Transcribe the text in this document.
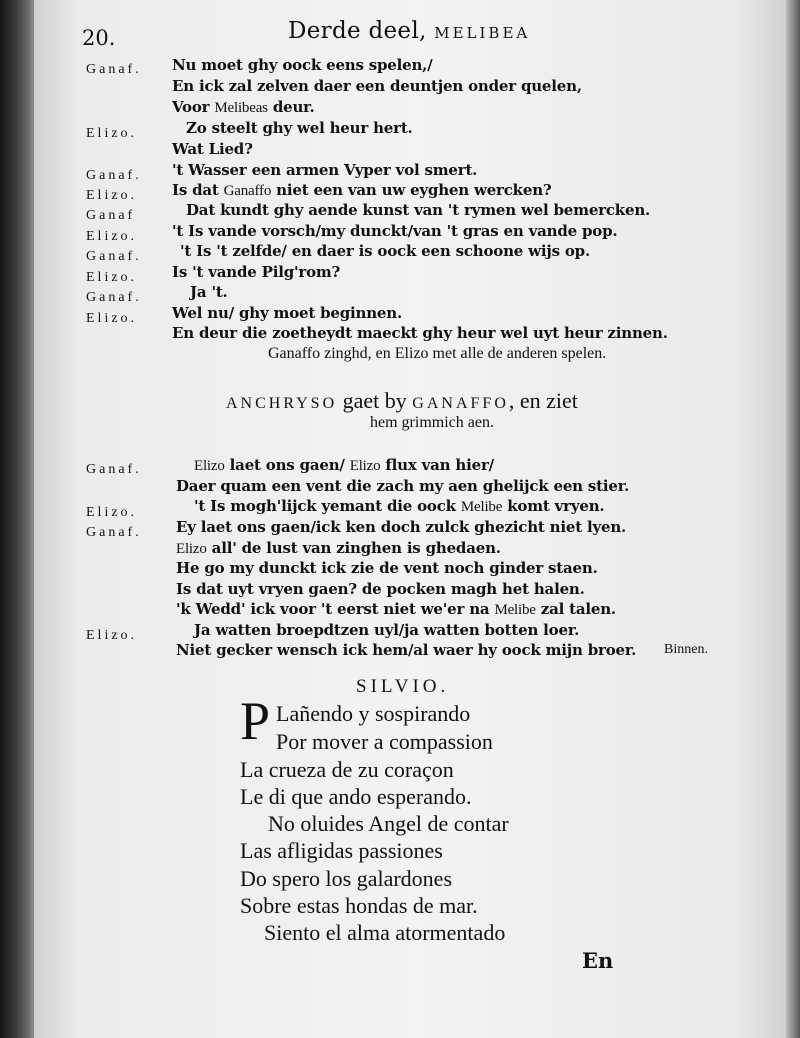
20.	Derde deel, MELIBEA
Ganaf. Nu moet ghy oock eens spelen,/
En ick zal zelven daer een deuntjen onder quelen,
Voor Melibeas deur.
Elizo.	Zo steelt ghy wel heur hert.
Wat Lied?
Ganaf. 't Wasser een armen Vyper vol smert.
Elizo. Is dat Ganaffo niet een van uw eyghen wercken?
Ganaf	Dat kundt ghy aende kunst van 't rymen wel bemercken.
Elizo. 't Is vande vorsch/my dunckt/van 't gras en vande pop.
Ganaf.	't Is 't zelfde/ en daer is oock een schoone wijs op.
Elizo. Is 't vande Pilg'rom?
Ganaf.	Ja 't.
Elizo. Wel nu/ ghy moet beginnen.
En deur die zoetheydt maeckt ghy heur wel uyt heur zinnen.
Ganaffo zinghd, en Elizo met alle de anderen spelen.
ANCHRYSO gaet by GANAFFO, en ziet
hem grimmich aen.
Ganaf.	Elizo laet ons gaen/ Elizo flux van hier/
Daer quam een vent die zach my aen ghelijck een stier.
Elizo.	't Is mogh'lijck yemant die oock Melibe komt vryen.
Ganaf. Ey laet ons gaen/ick ken doch zulck ghezicht niet lyen.
Elizo all' de lust van zinghen is ghedaen.
He go my dunckt ick zie de vent noch ginder staen.
Is dat uyt vryen gaen? de pocken magh het halen.
'k Wedd' ick voor 't eerst niet we'er na Melibe zal talen.
Elizo.	Ja watten broepdtzen uyl/ja watten botten loer.
Niet gecker wensch ick hem/al waer hy oock mijn broer. Binnen.
SILVIO.
P Lañendo y sospirando
Por mover a compassion
La crueza de zu coraçon
Le di que ando esperando.
No oluides Angel de contar
Las afligidas passiones
Do spero los galardones
Sobre estas hondas de mar.
Siento el alma atormentado
En
